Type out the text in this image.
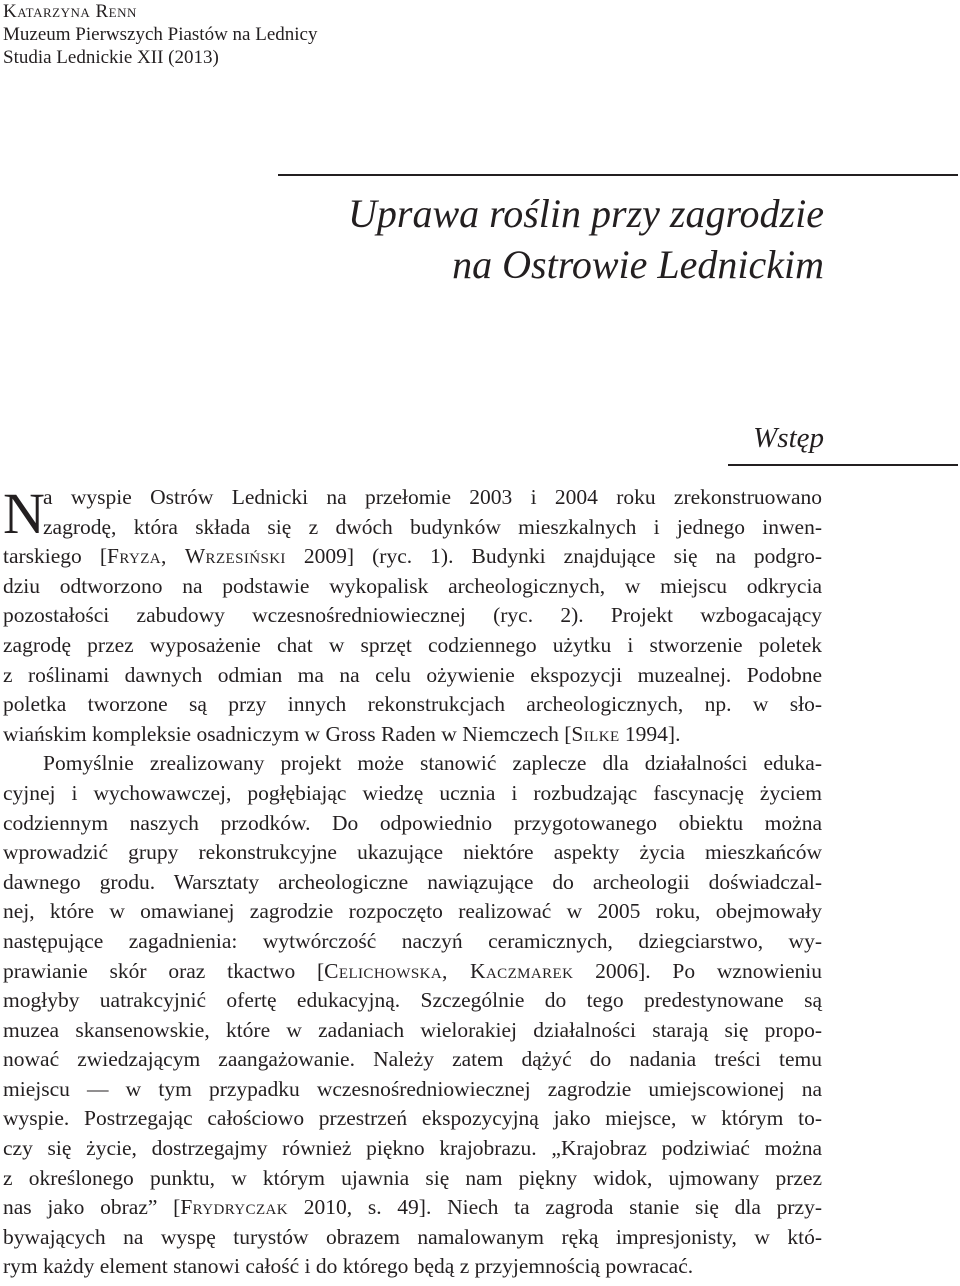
Katarzyna Renn
Muzeum Pierwszych Piastów na Lednicy
Studia Lednickie XII (2013)
Uprawa roślin przy zagrodzie
na Ostrowie Lednickim
Wstęp
N
a wyspie Ostrów Lednicki na przełomie 2003 i 2004 roku zrekonstruowano
zagrodę, która składa się z dwóch budynków mieszkalnych i jednego inwen-
tarskiego [Fryza, Wrzesiński 2009] (ryc. 1). Budynki znajdujące się na podgro-
dziu odtworzono na podstawie wykopalisk archeologicznych, w miejscu odkrycia
pozostałości zabudowy wczesnośredniowiecznej (ryc. 2). Projekt wzbogacający
zagrodę przez wyposażenie chat w sprzęt codziennego użytku i stworzenie poletek
z roślinami dawnych odmian ma na celu ożywienie ekspozycji muzealnej. Podobne
poletka tworzone są przy innych rekonstrukcjach archeologicznych, np. w sło-
wiańskim kompleksie osadniczym w Gross Raden w Niemczech [Silke 1994].
Pomyślnie zrealizowany projekt może stanowić zaplecze dla działalności eduka-
cyjnej i wychowawczej, pogłębiając wiedzę ucznia i rozbudzając fascynację życiem
codziennym naszych przodków. Do odpowiednio przygotowanego obiektu można
wprowadzić grupy rekonstrukcyjne ukazujące niektóre aspekty życia mieszkańców
dawnego grodu. Warsztaty archeologiczne nawiązujące do archeologii doświadczal-
nej, które w omawianej zagrodzie rozpoczęto realizować w 2005 roku, obejmowały
następujące zagadnienia: wytwórczość naczyń ceramicznych, dziegciarstwo, wy-
prawianie skór oraz tkactwo [Celichowska, Kaczmarek 2006]. Po wznowieniu
mogłyby uatrakcyjnić ofertę edukacyjną. Szczególnie do tego predestynowane są
muzea skansenowskie, które w zadaniach wielorakiej działalności starają się propo-
nować zwiedzającym zaangażowanie. Należy zatem dążyć do nadania treści temu
miejscu — w tym przypadku wczesnośredniowiecznej zagrodzie umiejscowionej na
wyspie. Postrzegając całościowo przestrzeń ekspozycyjną jako miejsce, w którym to-
czy się życie, dostrzegajmy również piękno krajobrazu. „Krajobraz podziwiać można
z określonego punktu, w którym ujawnia się nam piękny widok, ujmowany przez
nas jako obraz” [Frydryczak 2010, s. 49]. Niech ta zagroda stanie się dla przy-
bywających na wyspę turystów obrazem namalowanym ręką impresjonisty, w któ-
rym każdy element stanowi całość i do którego będą z przyjemnością powracać.
